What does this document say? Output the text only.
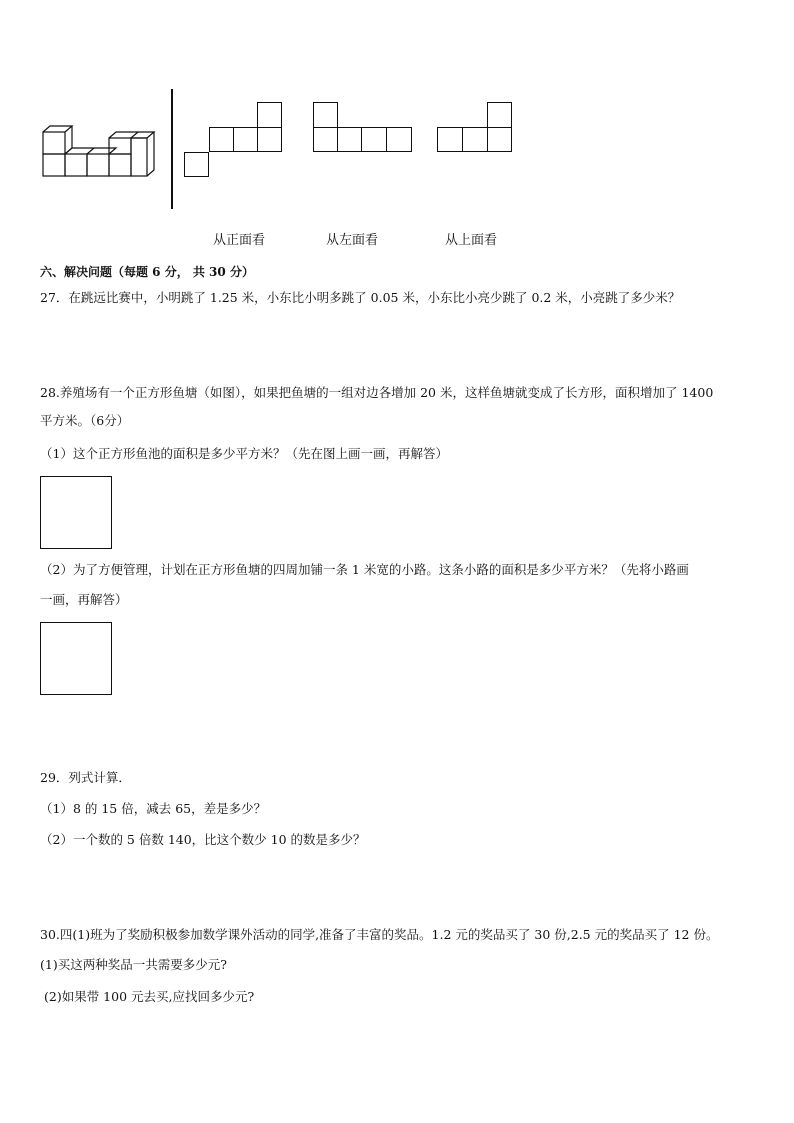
从正面看	从左面看	从上面看
六、解决问题（每题 6 分， 共 30 分）
27．在跳远比赛中，小明跳了 1.25 米，小东比小明多跳了 0.05 米，小东比小亮少跳了 0.2 米，小亮跳了多少米？
28.养殖场有一个正方形鱼塘（如图），如果把鱼塘的一组对边各增加 20 米，这样鱼塘就变成了长方形，面积增加了 1400
平方米。（6分）
（1）这个正方形鱼池的面积是多少平方米？（先在图上画一画，再解答）
（2）为了方便管理，计划在正方形鱼塘的四周加铺一条 1 米宽的小路。这条小路的面积是多少平方米？（先将小路画
一画，再解答）
29．列式计算．
（1）8 的 15 倍，减去 65，差是多少？
（2）一个数的 5 倍数 140，比这个数少 10 的数是多少？
30.四(1)班为了奖励积极参加数学课外活动的同学,准备了丰富的奖品。1.2 元的奖品买了 30 份,2.5 元的奖品买了 12 份。
(1)买这两种奖品一共需要多少元?
(2)如果带 100 元去买,应找回多少元?
